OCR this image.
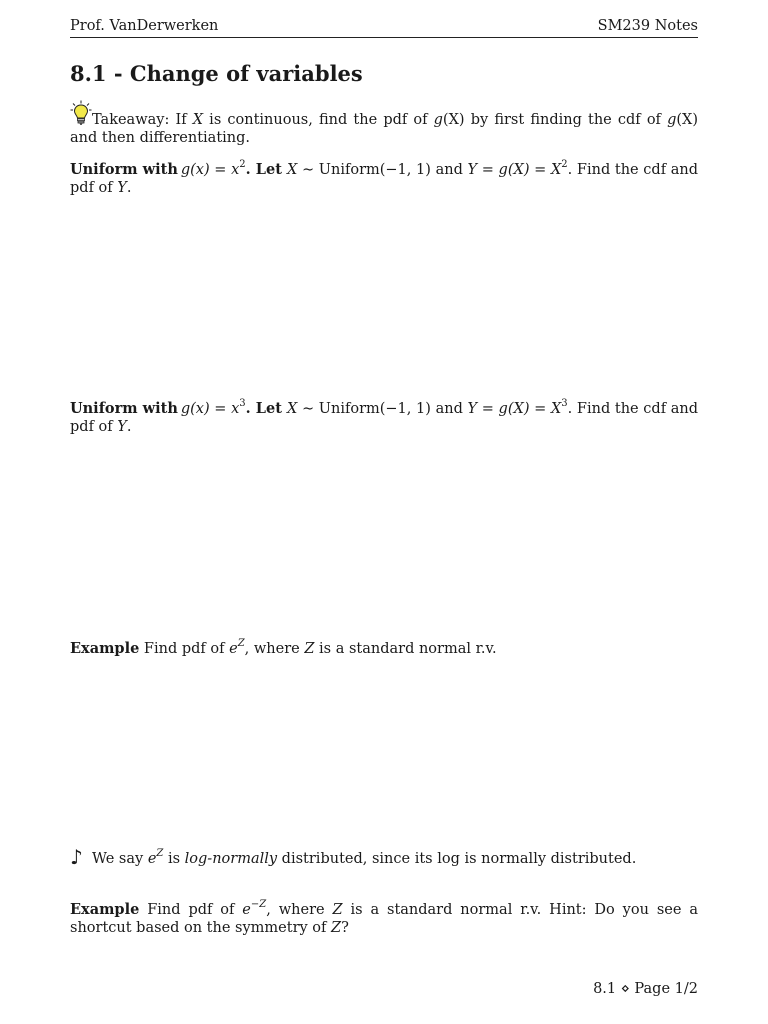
Prof. VanDerwerken	SM239 Notes
8.1 - Change of variables
Takeaway: If X is continuous, find the pdf of g(X) by first finding the cdf of g(X) and then differentiating.
Uniform with  $g(x) = x^2$. Let X ∼ Uniform(−1, 1) and $Y = g(X) = X^2$. Find the cdf and pdf of Y.
Uniform with  $g(x) = x^3$. Let X ∼ Uniform(−1, 1) and $Y = g(X) = X^3$. Find the cdf and pdf of Y.
Example Find pdf of $e^Z$, where Z is a standard normal r.v.
♪ We say $e^Z$ is log-normally distributed, since its log is normally distributed.
Example Find pdf of $e^{-Z}$, where Z is a standard normal r.v. Hint: Do you see a shortcut based on the symmetry of Z?
8.1 ⋄ Page 1/2
